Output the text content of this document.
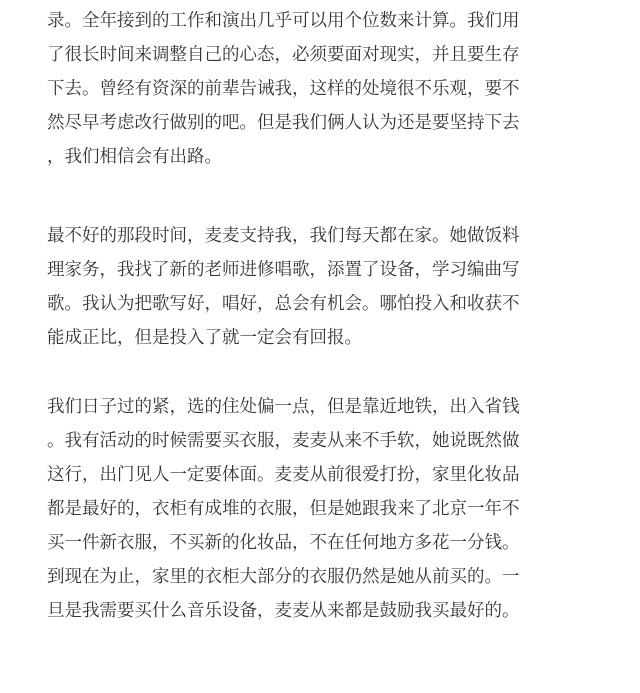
录。全年接到的工作和演出几乎可以用个位数来计算。我们用
了很长时间来调整自己的心态，必须要面对现实，并且要生存
下去。曾经有资深的前辈告诫我，这样的处境很不乐观，要不
然尽早考虑改行做别的吧。但是我们俩人认为还是要坚持下去
，我们相信会有出路。

最不好的那段时间，麦麦支持我，我们每天都在家。她做饭料
理家务，我找了新的老师进修唱歌，添置了设备，学习编曲写
歌。我认为把歌写好，唱好，总会有机会。哪怕投入和收获不
能成正比，但是投入了就一定会有回报。

我们日子过的紧，选的住处偏一点，但是靠近地铁，出入省钱
。我有活动的时候需要买衣服，麦麦从来不手软，她说既然做
这行，出门见人一定要体面。麦麦从前很爱打扮，家里化妆品
都是最好的，衣柜有成堆的衣服，但是她跟我来了北京一年不
买一件新衣服，不买新的化妆品，不在任何地方多花一分钱。
到现在为止，家里的衣柜大部分的衣服仍然是她从前买的。一
旦是我需要买什么音乐设备，麦麦从来都是鼓励我买最好的。
